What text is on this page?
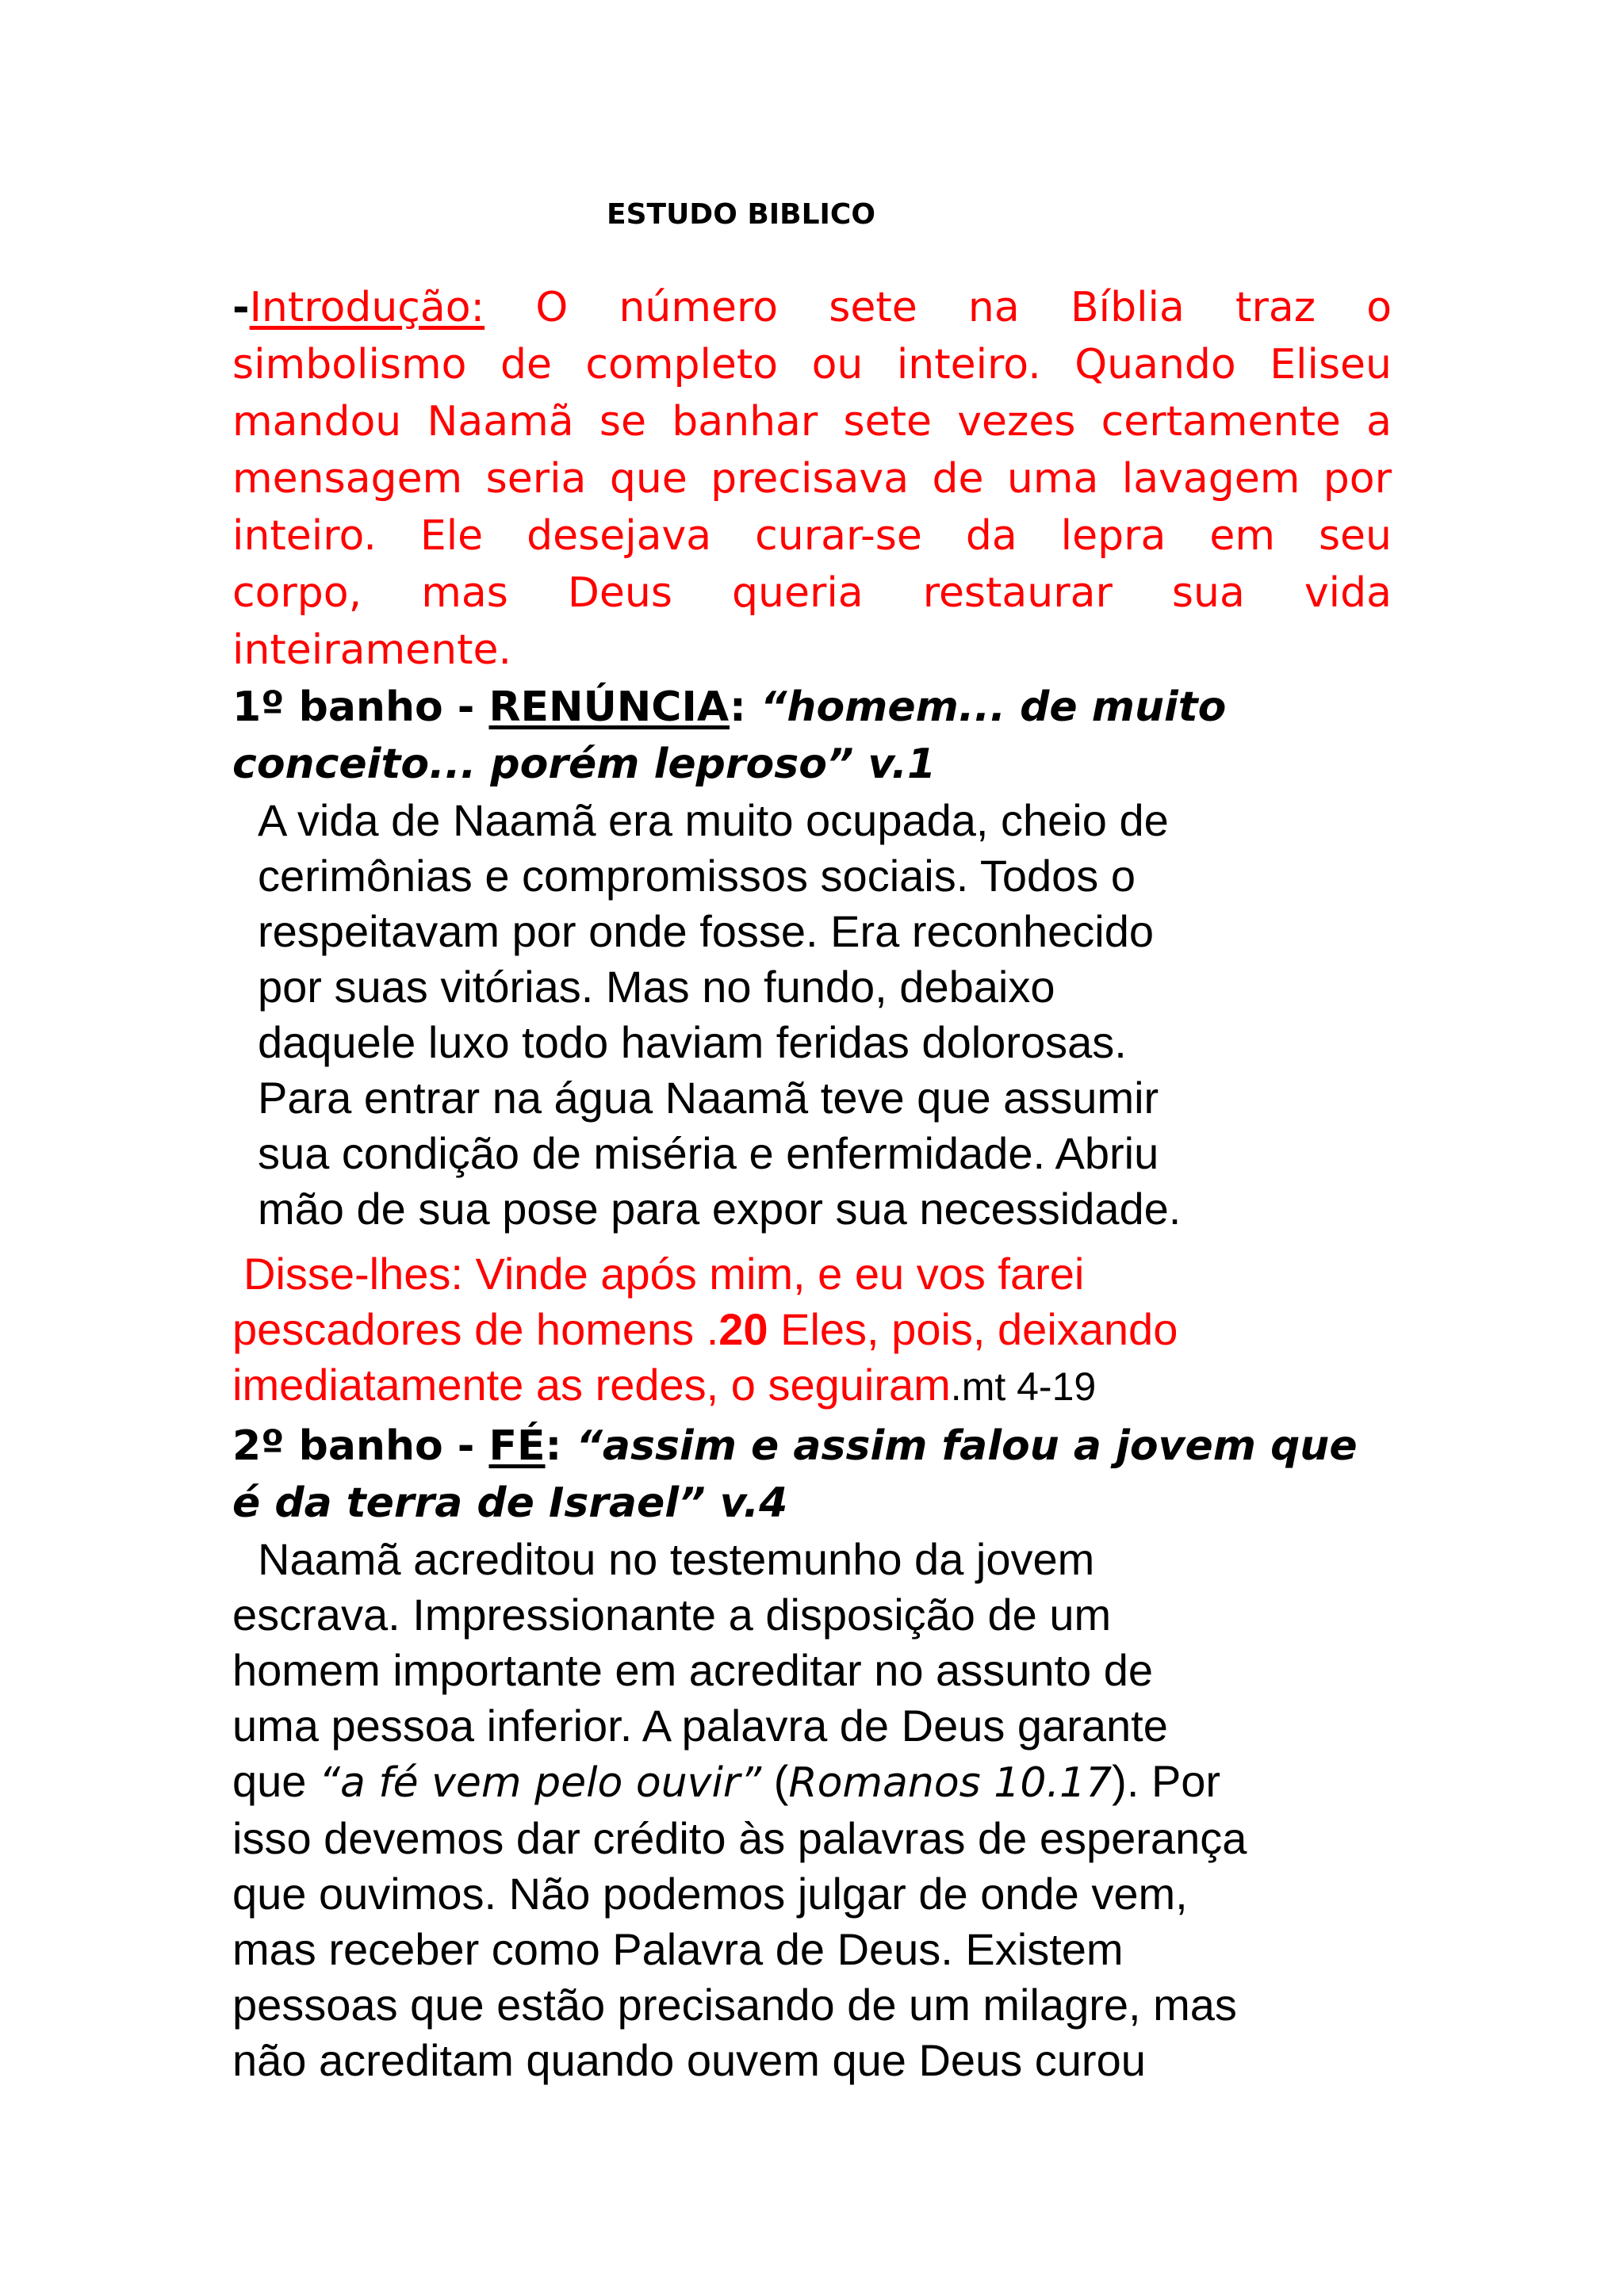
ESTUDO BIBLICO

-Introdução: O número sete na Bíblia traz o
simbolismo de completo ou inteiro. Quando Eliseu
mandou Naamã se banhar sete vezes certamente a
mensagem seria que precisava de uma lavagem por
inteiro. Ele desejava curar-se da lepra em seu
corpo, mas Deus queria restaurar sua vida
inteiramente.
1º banho - RENÚNCIA: “homem... de muito
conceito... porém leproso” v.1
A vida de Naamã era muito ocupada, cheio de
cerimônias e compromissos sociais. Todos o
respeitavam por onde fosse. Era reconhecido
por suas vitórias. Mas no fundo, debaixo
daquele luxo todo haviam feridas dolorosas.
Para entrar na água Naamã teve que assumir
sua condição de miséria e enfermidade. Abriu
mão de sua pose para expor sua necessidade.
Disse-lhes: Vinde após mim, e eu vos farei
pescadores de homens .20 Eles, pois, deixando
imediatamente as redes, o seguiram.mt 4-19
2º banho - FÉ: “assim e assim falou a jovem que
é da terra de Israel” v.4
Naamã acreditou no testemunho da jovem
escrava. Impressionante a disposição de um
homem importante em acreditar no assunto de
uma pessoa inferior. A palavra de Deus garante
que “a fé vem pelo ouvir” (Romanos 10.17). Por
isso devemos dar crédito às palavras de esperança
que ouvimos. Não podemos julgar de onde vem,
mas receber como Palavra de Deus. Existem
pessoas que estão precisando de um milagre, mas
não acreditam quando ouvem que Deus curou
